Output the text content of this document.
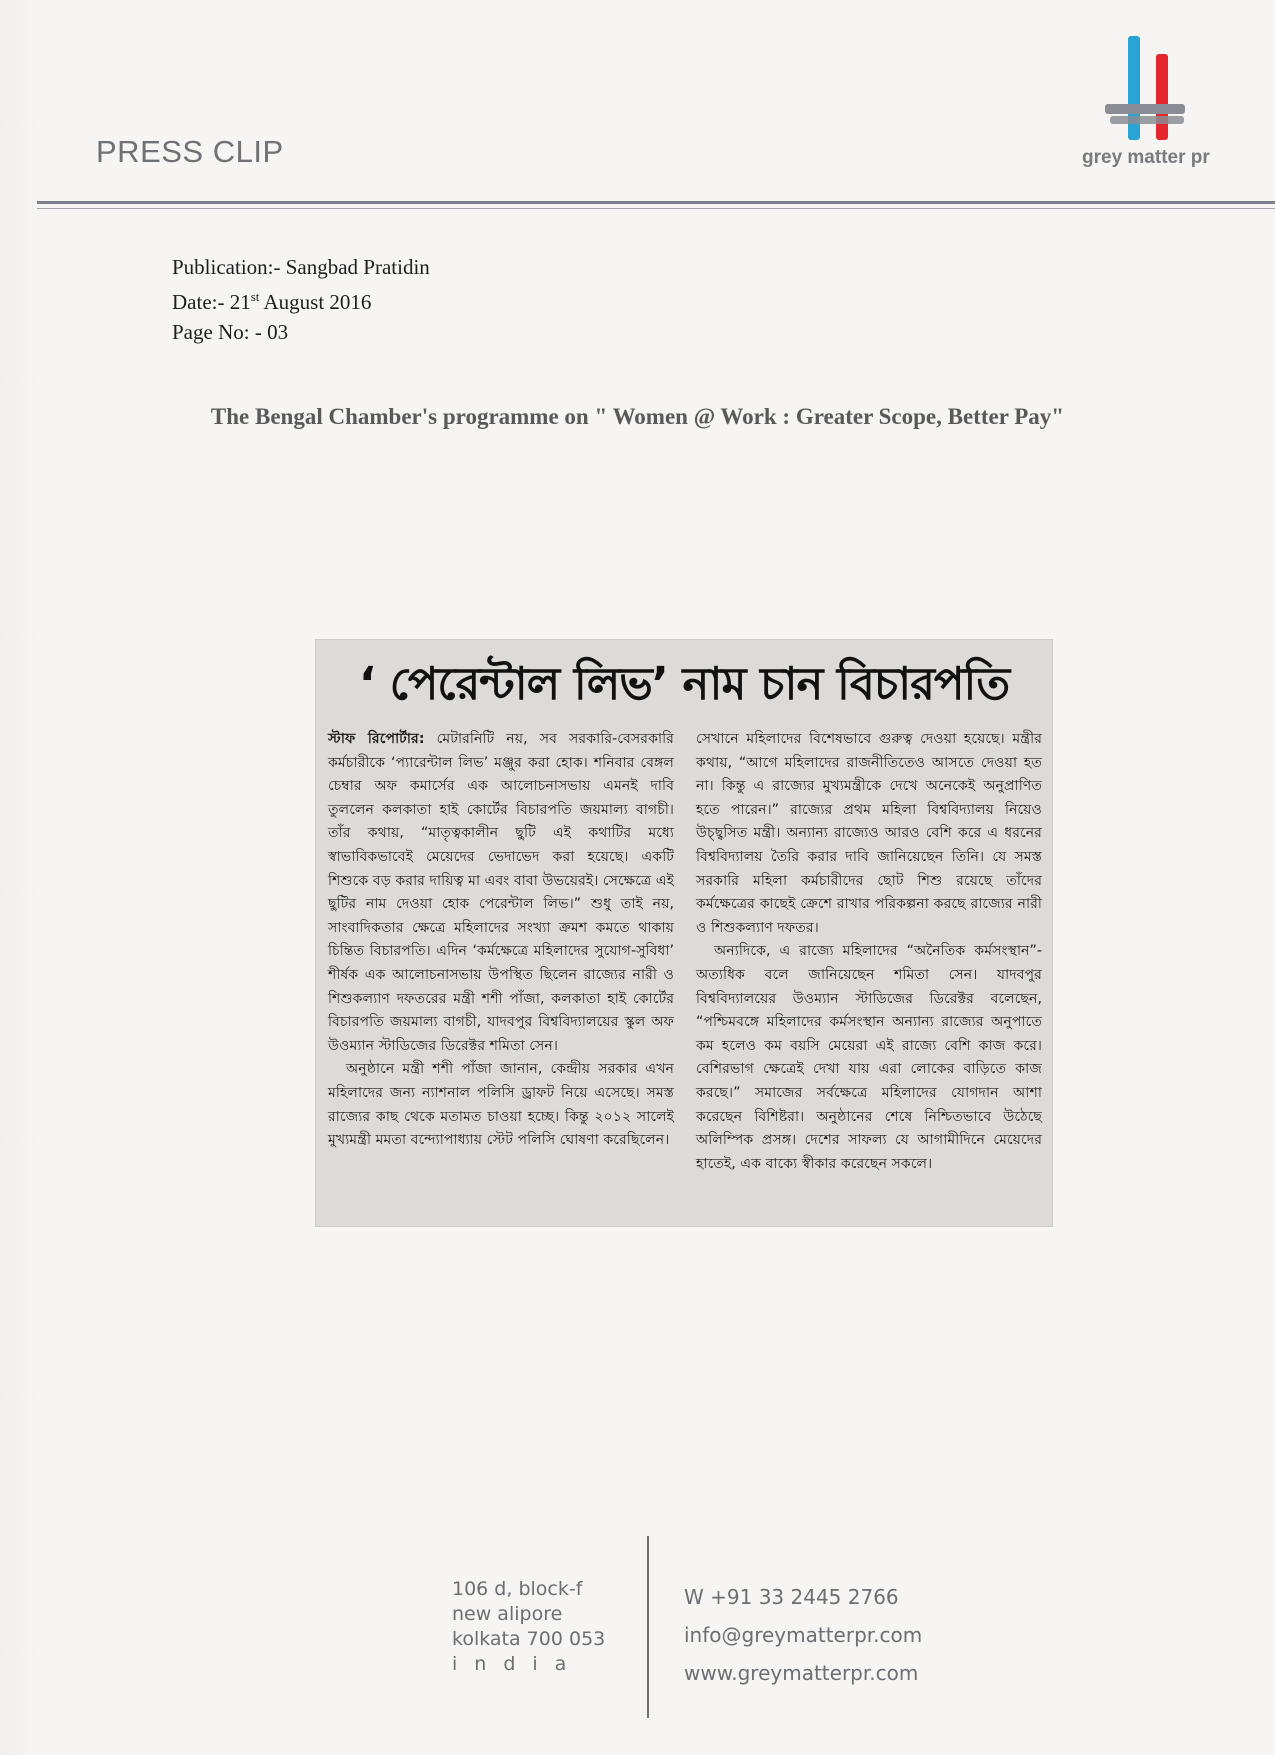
PRESS CLIP	grey matter pr
Publication:- Sangbad Pratidin
Date:- 21st August 2016
Page No: - 03
The Bengal Chamber's programme on " Women @ Work : Greater Scope, Better Pay"
‘ পেরেন্টাল লিভ’ নাম চান বিচারপতি

স্টাফ রিপোর্টার: মেটারনিটি নয়, সব সরকারি-বেসরকারি কর্মচারীকে ‘প্যারেন্টাল লিভ’ মঞ্জুর করা হোক। শনিবার বেঙ্গল চেম্বার অফ কমার্সের এক আলোচনাসভায় এমনই দাবি তুললেন কলকাতা হাই কোর্টের বিচারপতি জয়মাল্য বাগচী। তাঁর কথায়, “মাতৃত্বকালীন ছুটি এই কথাটির মধ্যে স্বাভাবিকভাবেই মেয়েদের ভেদাভেদ করা হয়েছে। একটি শিশুকে বড় করার দায়িত্ব মা এবং বাবা উভয়েরই। সেক্ষেত্রে এই ছুটির নাম দেওয়া হোক পেরেন্টাল লিভ।” শুধু তাই নয়, সাংবাদিকতার ক্ষেত্রে মহিলাদের সংখ্যা ক্রমশ কমতে থাকায় চিন্তিত বিচারপতি। এদিন ‘কর্মক্ষেত্রে মহিলাদের সুযোগ-সুবিধা’ শীর্ষক এক আলোচনাসভায় উপস্থিত ছিলেন রাজ্যের নারী ও শিশুকল্যাণ দফতরের মন্ত্রী শশী পাঁজা, কলকাতা হাই কোর্টের বিচারপতি জয়মাল্য বাগচী, যাদবপুর বিশ্ববিদ্যালয়ের স্কুল অফ উওম্যান স্টাডিজের ডিরেক্টর শমিতা সেন।

অনুষ্ঠানে মন্ত্রী শশী পাঁজা জানান, কেন্দ্রীয় সরকার এখন মহিলাদের জন্য ন্যাশনাল পলিসি ড্রাফট নিয়ে এসেছে। সমস্ত রাজ্যের কাছ থেকে মতামত চাওয়া হচ্ছে। কিন্তু ২০১২ সালেই মুখ্যমন্ত্রী মমতা বন্দ্যোপাধ্যায় স্টেট পলিসি ঘোষণা করেছিলেন।

সেখানে মহিলাদের বিশেষভাবে গুরুত্ব দেওয়া হয়েছে। মন্ত্রীর কথায়, “আগে মহিলাদের রাজনীতিতেও আসতে দেওয়া হত না। কিন্তু এ রাজ্যের মুখ্যমন্ত্রীকে দেখে অনেকেই অনুপ্রাণিত হতে পারেন।” রাজ্যের প্রথম মহিলা বিশ্ববিদ্যালয় নিয়েও উচ্ছ্বসিত মন্ত্রী। অন্যান্য রাজ্যেও আরও বেশি করে এ ধরনের বিশ্ববিদ্যালয় তৈরি করার দাবি জানিয়েছেন তিনি। যে সমস্ত সরকারি মহিলা কর্মচারীদের ছোট শিশু রয়েছে তাঁদের কর্মক্ষেত্রের কাছেই ক্রেশে রাখার পরিকল্পনা করছে রাজ্যের নারী ও শিশুকল্যাণ দফতর।

অন্যদিকে, এ রাজ্যে মহিলাদের “অনৈতিক কর্মসংস্থান”-অত্যধিক বলে জানিয়েছেন শমিতা সেন। যাদবপুর বিশ্ববিদ্যালয়ের উওম্যান স্টাডিজের ডিরেক্টর বলেছেন, “পশ্চিমবঙ্গে মহিলাদের কর্মসংস্থান অন্যান্য রাজ্যের অনুপাতে কম হলেও কম বয়সি মেয়েরা এই রাজ্যে বেশি কাজ করে। বেশিরভাগ ক্ষেত্রেই দেখা যায় এরা লোকের বাড়িতে কাজ করছে।” সমাজের সর্বক্ষেত্রে মহিলাদের যোগদান আশা করেছেন বিশিষ্টরা। অনুষ্ঠানের শেষে নিশ্চিতভাবে উঠেছে অলিম্পিক প্রসঙ্গ। দেশের সাফল্য যে আগামীদিনে মেয়েদের হাতেই, এক বাক্যে স্বীকার করেছেন সকলে।

106 d, block-f
new alipore
kolkata 700 053
india
W +91 33 2445 2766
info@greymatterpr.com
www.greymatterpr.com
